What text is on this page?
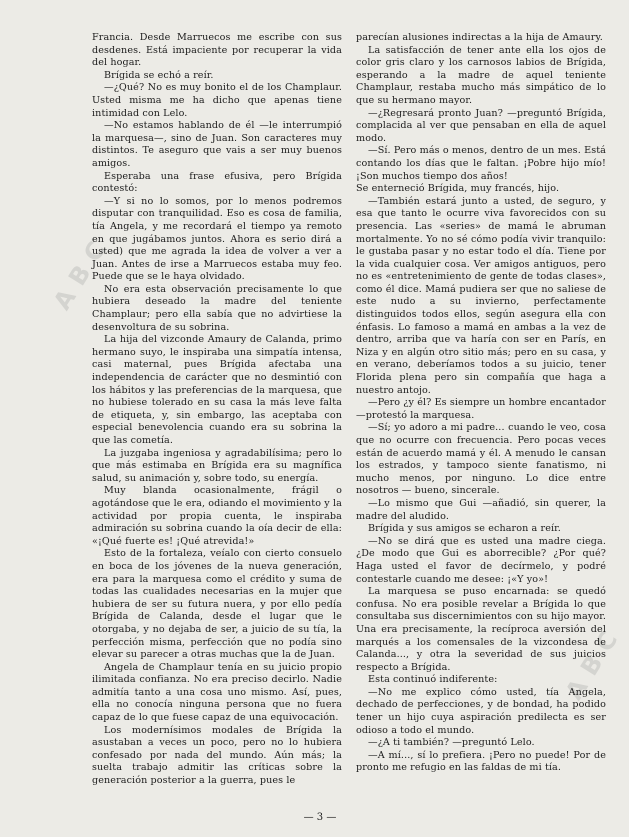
ABC
ABC

Francia. Desde Marruecos me escribe con sus desdenes. Está impaciente por recuperar la vida del hogar.

Brígida se echó a reír.

—¿Qué? No es muy bonito el de los Champlaur. Usted misma me ha dicho que apenas tiene intimidad con Lelo.

—No estamos hablando de él —le interrumpió la marquesa—, sino de Juan. Son caracteres muy distintos. Te aseguro que vais a ser muy buenos amigos.

Esperaba una frase efusiva, pero Brígida contestó:

—Y si no lo somos, por lo menos podremos disputar con tranquilidad. Eso es cosa de familia, tía Angela, y me recordará el tiempo ya remoto en que jugábamos juntos. Ahora es serio dirá a usted) que me agrada la idea de volver a ver a Juan. Antes de irse a Marruecos estaba muy feo. Puede que se le haya olvidado.

No era esta observación precisamente lo que hubiera deseado la madre del teniente Champlaur; pero ella sabía que no advirtiese la desenvoltura de su sobrina.

La hija del vizconde Amaury de Calanda, primo hermano suyo, le inspiraba una simpatía intensa, casi maternal, pues Brígida afectaba una independencia de carácter que no desmintió con los hábitos y las preferencias de la marquesa, que no hubiese tolerado en su casa la más leve falta de etiqueta, y, sin embargo, las aceptaba con especial benevolencia cuando era su sobrina la que las cometía.

La juzgaba ingeniosa y agradabilísima; pero lo que más estimaba en Brígida era su magnífica salud, su animación y, sobre todo, su energía.

Muy blanda ocasionalmente, frágil o agotándose que le era, odiando el movimiento y la actividad por propia cuenta, le inspiraba admiración su sobrina cuando la oía decir de ella: «¡Qué fuerte es! ¡Qué atrevida!»

Esto de la fortaleza, veíalo con cierto consuelo en boca de los jóvenes de la nueva generación, era para la marquesa como el crédito y suma de todas las cualidades necesarias en la mujer que hubiera de ser su futura nuera, y por ello pedía Brígida de Calanda, desde el lugar que le otorgaba, y no dejaba de ser, a juicio de su tía, la perfección misma, perfección que no podía sino elevar su parecer a otras muchas que la de Juan.

Angela de Champlaur tenía en su juicio propio ilimitada confianza. No era preciso decirlo. Nadie admitía tanto a una cosa uno mismo. Así, pues, ella no conocía ninguna persona que no fuera capaz de lo que fuese capaz de una equivocación.

Los modernísimos modales de Brígida la asustaban a veces un poco, pero no lo hubiera confesado por nada del mundo. Aún más; la suelta trabajo admitir las críticas sobre la generación posterior a la guerra, pues le

parecían alusiones indirectas a la hija de Amaury.

La satisfacción de tener ante ella los ojos de color gris claro y los carnosos labios de Brígida, esperando a la madre de aquel teniente Champlaur, restaba mucho más simpático de lo que su hermano mayor.

—¿Regresará pronto Juan? —preguntó Brígida, complacida al ver que pensaban en ella de aquel modo.

—Sí. Pero más o menos, dentro de un mes. Está contando los días que le faltan. ¡Pobre hijo mío! ¡Son muchos tiempo dos años!

Se enterneció Brígida, muy francés, hijo.

—También estará junto a usted, de seguro, y esa que tanto le ocurre viva favorecidos con su presencia. Las «series» de mamá le abruman mortalmente. Yo no sé cómo podía vivir tranquilo: le gustaba pasar y no estar todo el día. Tiene por la vida cualquier cosa. Ver amigos antiguos, pero no es «entretenimiento de gente de todas clases», como él dice. Mamá pudiera ser que no saliese de este nudo a su invierno, perfectamente distinguidos todos ellos, según asegura ella con énfasis. Lo famoso a mamá en ambas a la vez de dentro, arriba que va haría con ser en París, en Niza y en algún otro sitio más; pero en su casa, y en verano, deberíamos todos a su juicio, tener Florida plena pero sin compañía que haga a nuestro antojo.

—Pero ¿y él? Es siempre un hombre encantador —protestó la marquesa.

—Sí; yo adoro a mi padre... cuando le veo, cosa que no ocurre con frecuencia. Pero pocas veces están de acuerdo mamá y él. A menudo le cansan los estrados, y tampoco siente fanatismo, ni mucho menos, por ninguno. Lo dice entre nosotros — bueno, sincerale.

—Lo mismo que Gui —añadió, sin querer, la madre del aludido.

Brígida y sus amigos se echaron a reír.

—No se dirá que es usted una madre ciega. ¿De modo que Gui es aborrecible? ¿Por qué? Haga usted el favor de decírmelo, y podré contestarle cuando me desee: ¡«Y yo»!

La marquesa se puso encarnada: se quedó confusa. No era posible revelar a Brígida lo que consultaba sus discernimientos con su hijo mayor. Una era precisamente, la recíproca aversión del marqués a los comensales de la vizcondesa de Calanda..., y otra la severidad de sus juicios respecto a Brígida.

Esta continuó indiferente:

—No me explico cómo usted, tía Angela, dechado de perfecciones, y de bondad, ha podido tener un hijo cuya aspiración predilecta es ser odioso a todo el mundo.

—¿A ti también? —preguntó Lelo.

—A mí..., sí lo prefiera. ¡Pero no puede! Por de pronto me refugio en las faldas de mi tía.

— 3 —
